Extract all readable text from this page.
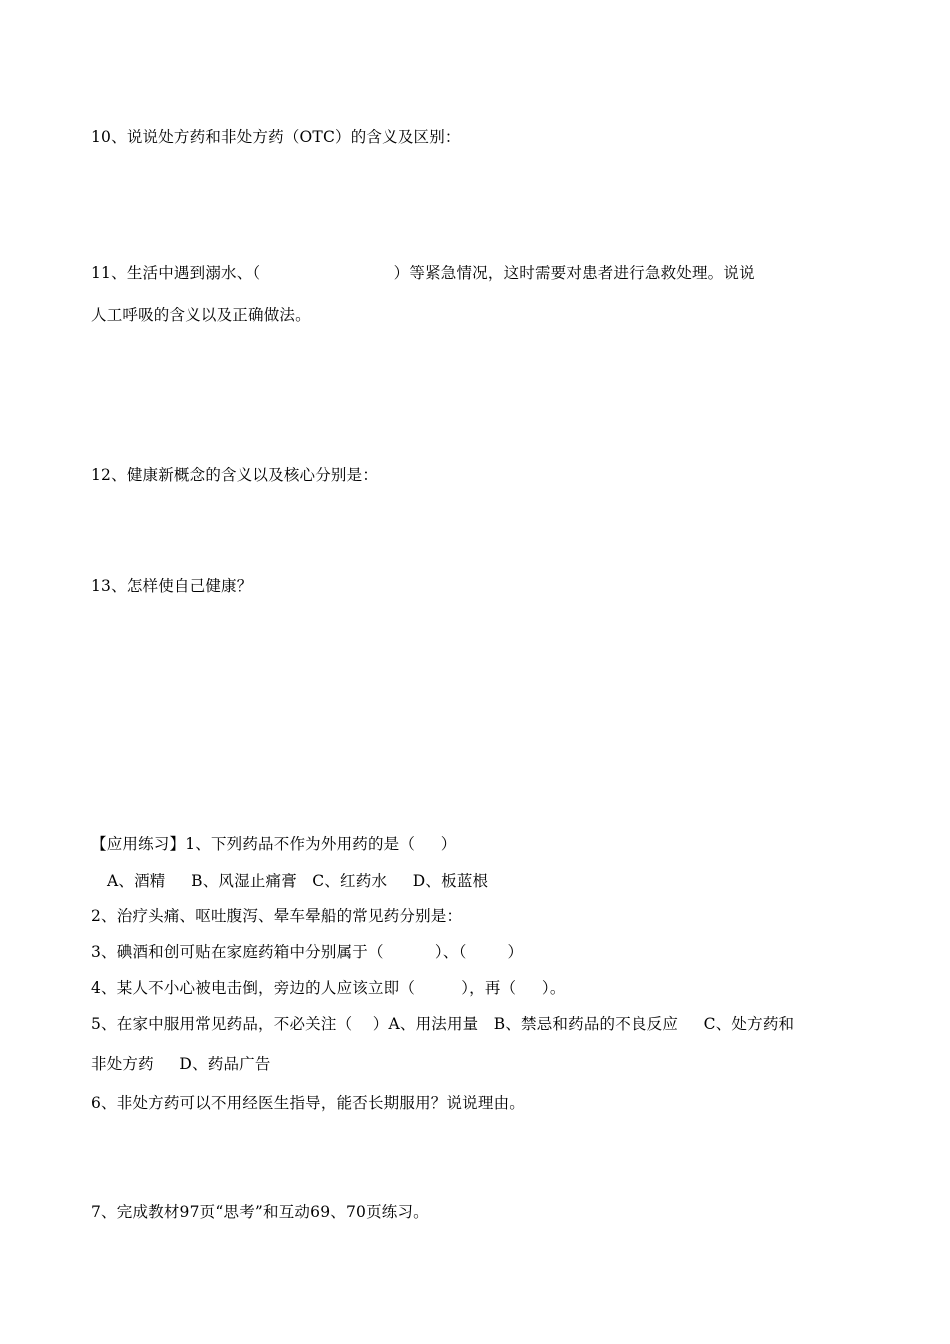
10、说说处方药和非处方药（OTC）的含义及区别：
11、生活中遇到溺水、（                          ）等紧急情况，这时需要对患者进行急救处理。说说
人工呼吸的含义以及正确做法。
12、健康新概念的含义以及核心分别是：
13、怎样使自己健康？
【应用练习】1、下列药品不作为外用药的是（     ）
A、酒精     B、风湿止痛膏   C、红药水     D、板蓝根
2、治疗头痛、呕吐腹泻、晕车晕船的常见药分别是：
3、碘酒和创可贴在家庭药箱中分别属于（          ）、（        ）
4、某人不小心被电击倒，旁边的人应该立即（         ），再（     ）。
5、在家中服用常见药品，不必关注（    ）A、用法用量   B、禁忌和药品的不良反应     C、处方药和
非处方药     D、药品广告
6、非处方药可以不用经医生指导，能否长期服用？说说理由。
7、完成教材97页“思考”和互动69、70页练习。
